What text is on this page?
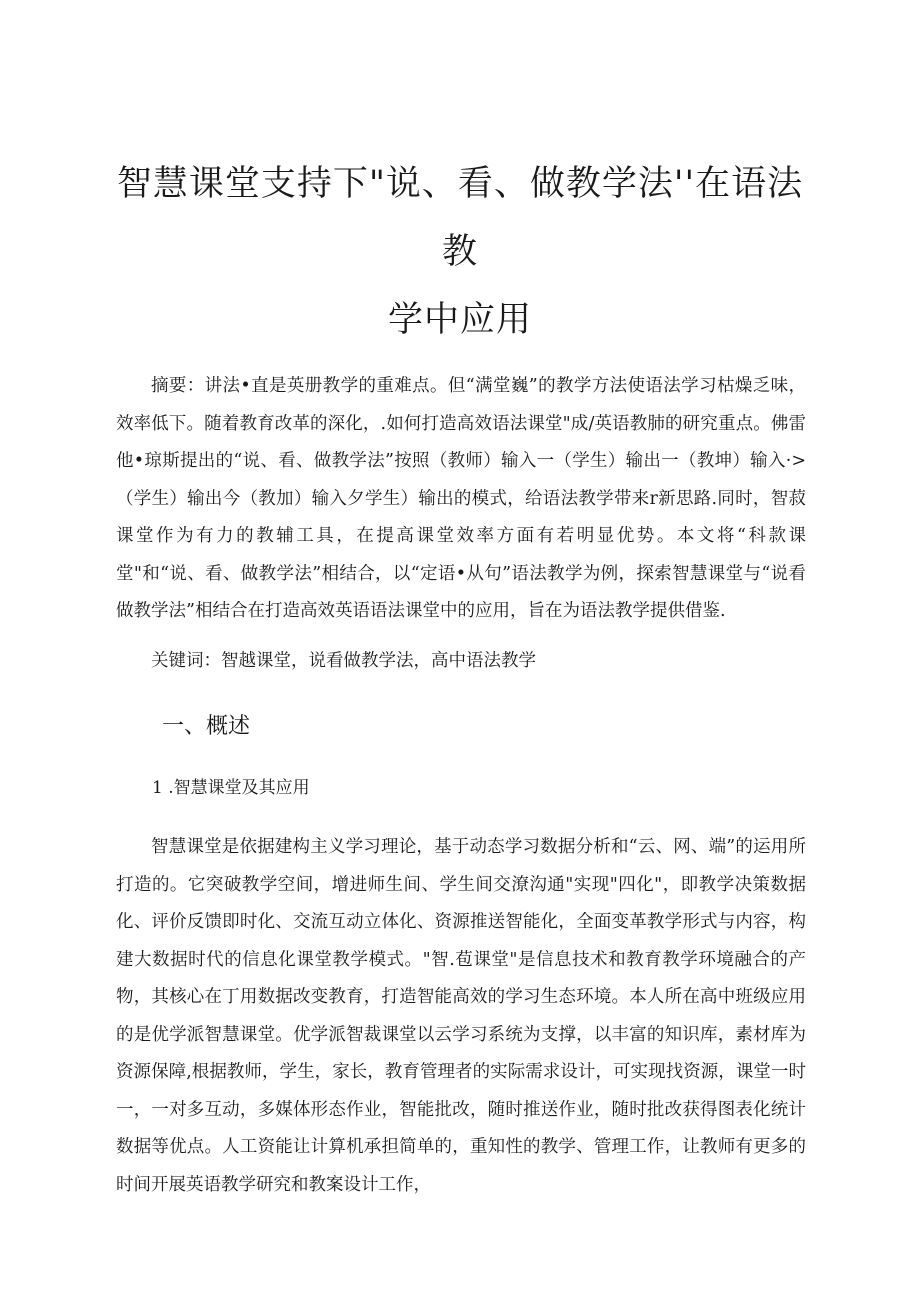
智慧课堂支持下"说、看、做教学法''在语法教
学中应用

摘要：讲法•直是英册教学的重难点。但“满堂巍”的教学方法使语法学习枯燥乏味，效率低下。随着教育改革的深化，.如何打造高效语法课堂"成/英语教肺的研究重点。佛雷他•琼斯提出的“说、看、做教学法”按照（教师）输入一（学生）输出一（教坤）输入·>（学生）输出今（教加）输入夕学生）输出的模式，给语法教学带来r新思路.同时，智菽课堂作为有力的教辅工具，在提高课堂效率方面有若明显优势。本文将“科款课堂"和“说、看、做教学法”相结合，以“定语•从句”语法教学为例，探索智慧课堂与“说看做教学法”相结合在打造高效英语语法课堂中的应用，旨在为语法教学提供借鉴.

关键词：智越课堂，说看做教学法，高中语法教学

一、概述
1 .智慧课堂及其应用

智慧课堂是依据建构主义学习理论，基于动态学习数据分析和“云、网、端”的运用所打造的。它突破教学空间，增进师生间、学生间交潦沟通"实现"四化"，即教学决策数据化、评价反馈即时化、交流互动立体化、资源推送智能化，全面变革教学形式与内容，构建大数据时代的信息化课堂教学模式。"智.苞课堂"是信息技术和教育教学环境融合的产物，其核心在丁用数据改变教育，打造智能高效的学习生态环境。本人所在高中班级应用的是优学派智慧课堂。优学派智裁课堂以云学习系统为支撑，以丰富的知识库，素材库为资源保障,根据教师，学生，家长，教育管理者的实际需求设计，可实现找资源，课堂一时一，一对多互动，多媒体形态作业，智能批改，随时推送作业，随时批改获得图表化统计数据等优点。人工资能让计算机承担简单的，重知性的教学、管理工作，让教师有更多的时间开展英语教学研究和教案设计工作，
